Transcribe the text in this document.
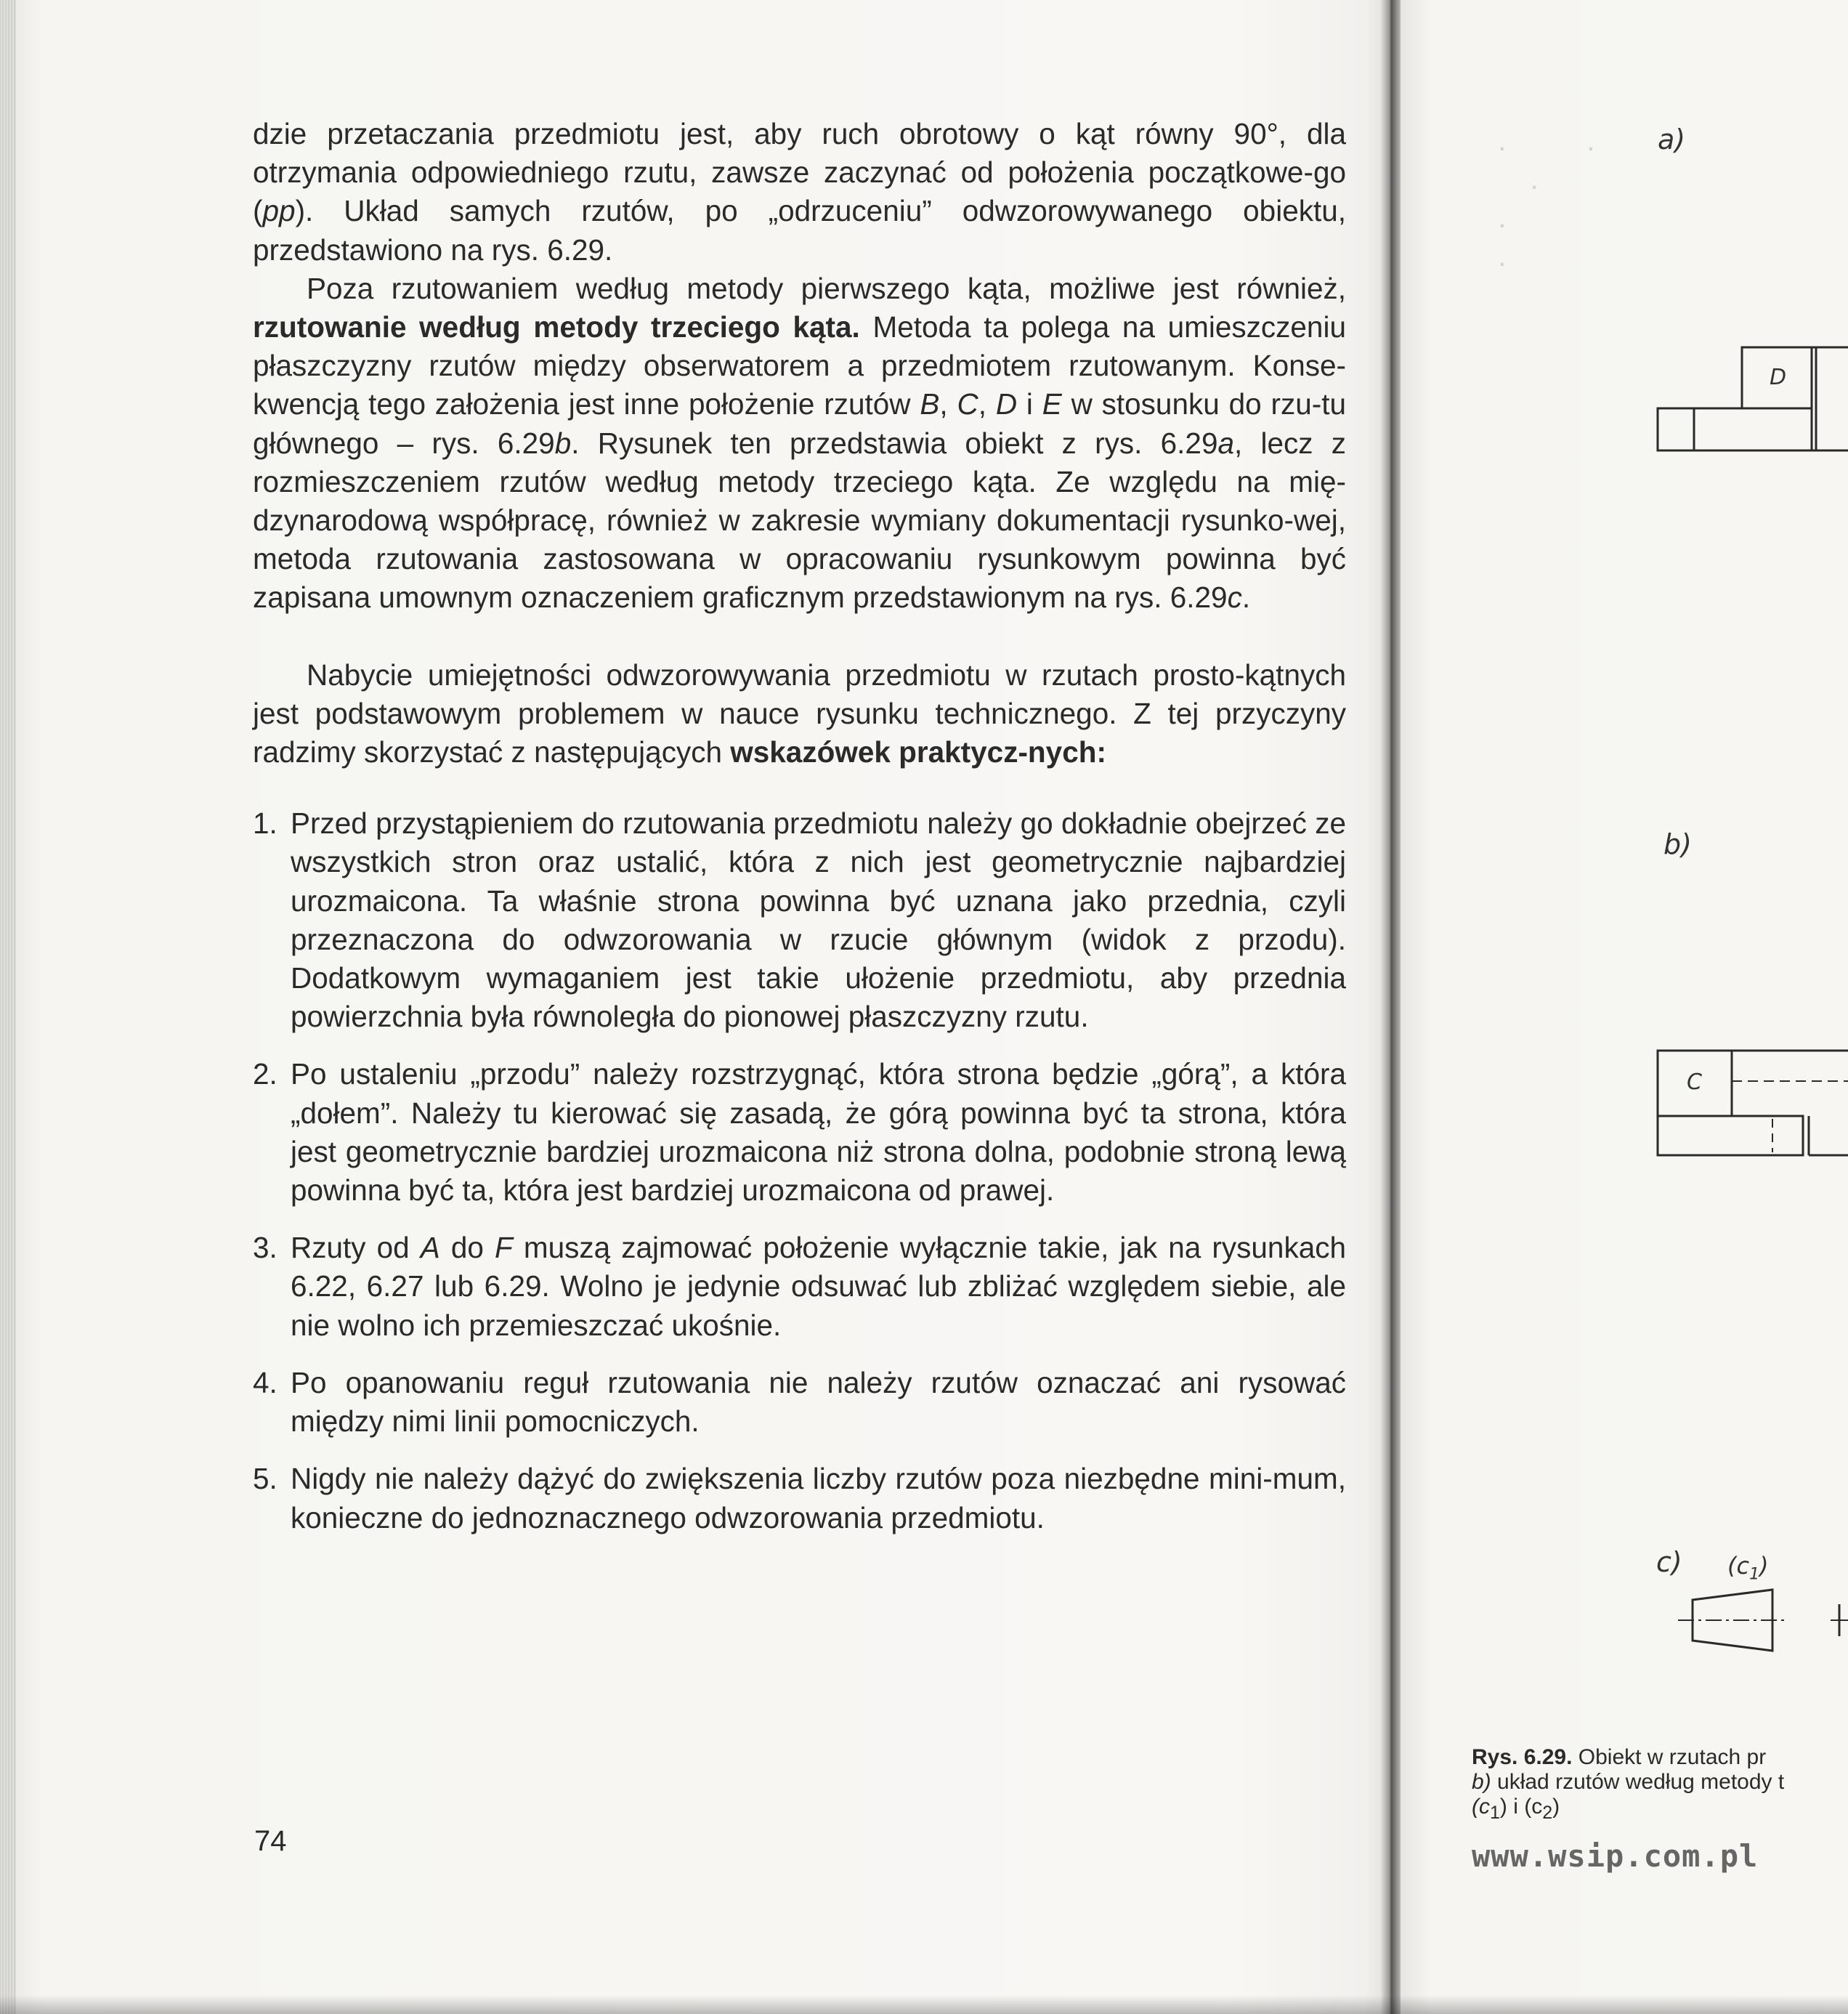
dzie przetaczania przedmiotu jest, aby ruch obrotowy o kąt równy 90°, dla otrzymania odpowiedniego rzutu, zawsze zaczynać od położenia początkowe-go (pp). Układ samych rzutów, po „odrzuceniu” odwzorowywanego obiektu, przedstawiono na rys. 6.29.

Poza rzutowaniem według metody pierwszego kąta, możliwe jest również, rzutowanie według metody trzeciego kąta. Metoda ta polega na umieszczeniu płaszczyzny rzutów między obserwatorem a przedmiotem rzutowanym. Konse-kwencją tego założenia jest inne położenie rzutów B, C, D i E w stosunku do rzu-tu głównego – rys. 6.29b. Rysunek ten przedstawia obiekt z rys. 6.29a, lecz z rozmieszczeniem rzutów według metody trzeciego kąta. Ze względu na mię-dzynarodową współpracę, również w zakresie wymiany dokumentacji rysunko-wej, metoda rzutowania zastosowana w opracowaniu rysunkowym powinna być zapisana umownym oznaczeniem graficznym przedstawionym na rys. 6.29c.

Nabycie umiejętności odwzorowywania przedmiotu w rzutach prosto-kątnych jest podstawowym problemem w nauce rysunku technicznego. Z tej przyczyny radzimy skorzystać z następujących wskazówek praktycz-nych:

1. Przed przystąpieniem do rzutowania przedmiotu należy go dokładnie obejrzeć ze wszystkich stron oraz ustalić, która z nich jest geometrycznie najbardziej urozmaicona. Ta właśnie strona powinna być uznana jako przednia, czyli przeznaczona do odwzorowania w rzucie głównym (widok z przodu). Dodatkowym wymaganiem jest takie ułożenie przedmiotu, aby przednia powierzchnia była równoległa do pionowej płaszczyzny rzutu.
2. Po ustaleniu „przodu” należy rozstrzygnąć, która strona będzie „górą”, a która „dołem”. Należy tu kierować się zasadą, że górą powinna być ta strona, która jest geometrycznie bardziej urozmaicona niż strona dolna, podobnie stroną lewą powinna być ta, która jest bardziej urozmaicona od prawej.
3. Rzuty od A do F muszą zajmować położenie wyłącznie takie, jak na rysunkach 6.22, 6.27 lub 6.29. Wolno je jedynie odsuwać lub zbliżać względem siebie, ale nie wolno ich przemieszczać ukośnie.
4. Po opanowaniu reguł rzutowania nie należy rzutów oznaczać ani rysować między nimi linii pomocniczych.
5. Nigdy nie należy dążyć do zwiększenia liczby rzutów poza niezbędne mini-mum, konieczne do jednoznacznego odwzorowania przedmiotu.
74
.          .
.
.
.
a)
b)
c) $(c_1)$
D
C
Rys. 6.29. Obiekt w rzutach pr
b) układ rzutów według metody t
$(c_1)$ i $(c_2)$
www.wsip.com.pl
